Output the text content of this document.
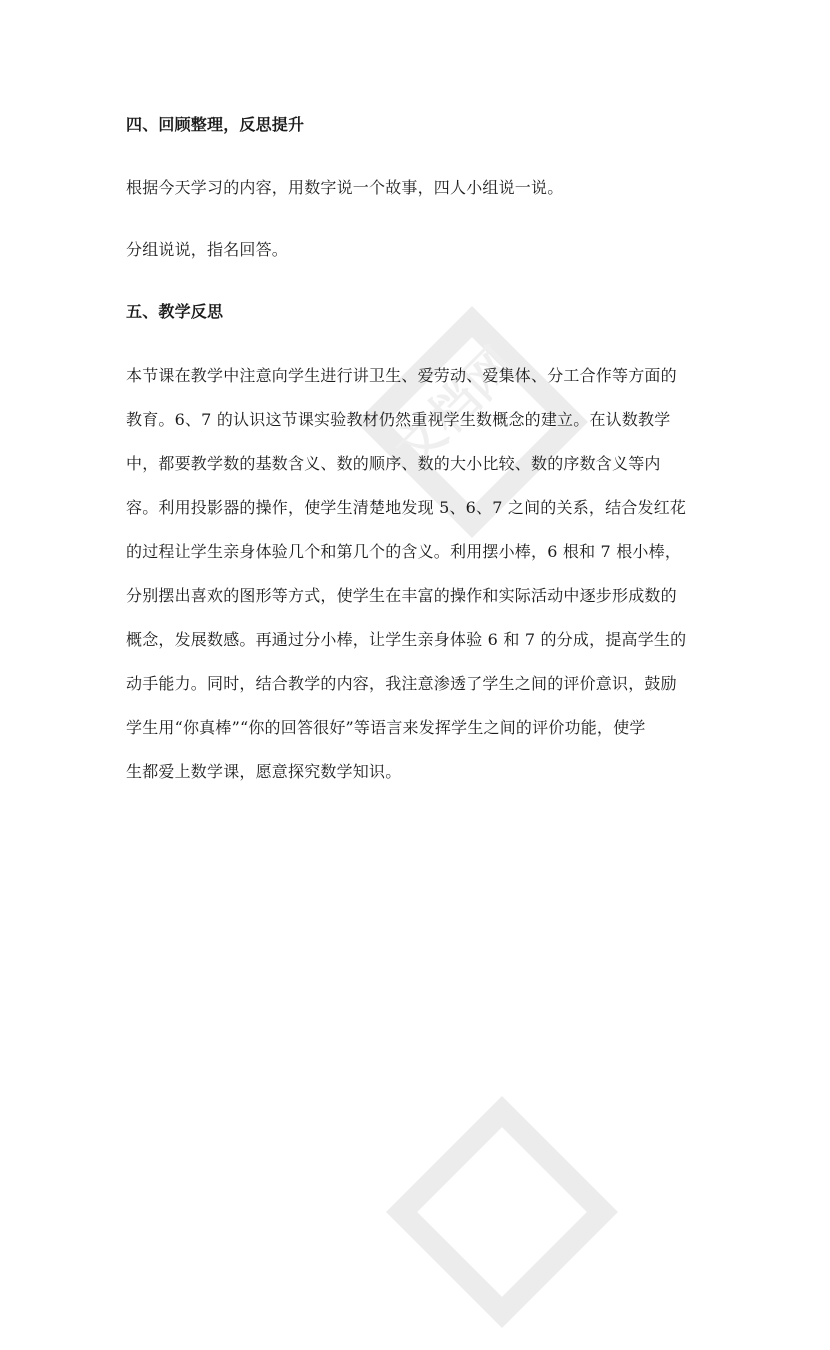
文档网
四、回顾整理，反思提升
根据今天学习的内容，用数字说一个故事，四人小组说一说。
分组说说，指名回答。
五、教学反思
本节课在教学中注意向学生进行讲卫生、爱劳动、爱集体、分工合作等方面的
教育。6、7 的认识这节课实验教材仍然重视学生数概念的建立。在认数教学
中，都要教学数的基数含义、数的顺序、数的大小比较、数的序数含义等内
容。利用投影器的操作，使学生清楚地发现 5、6、7 之间的关系，结合发红花
的过程让学生亲身体验几个和第几个的含义。利用摆小棒，6 根和 7 根小棒，
分别摆出喜欢的图形等方式，使学生在丰富的操作和实际活动中逐步形成数的
概念，发展数感。再通过分小棒，让学生亲身体验 6 和 7 的分成，提高学生的
动手能力。同时，结合教学的内容，我注意渗透了学生之间的评价意识，鼓励
学生用“你真棒”“你的回答很好”等语言来发挥学生之间的评价功能，使学
生都爱上数学课，愿意探究数学知识。
